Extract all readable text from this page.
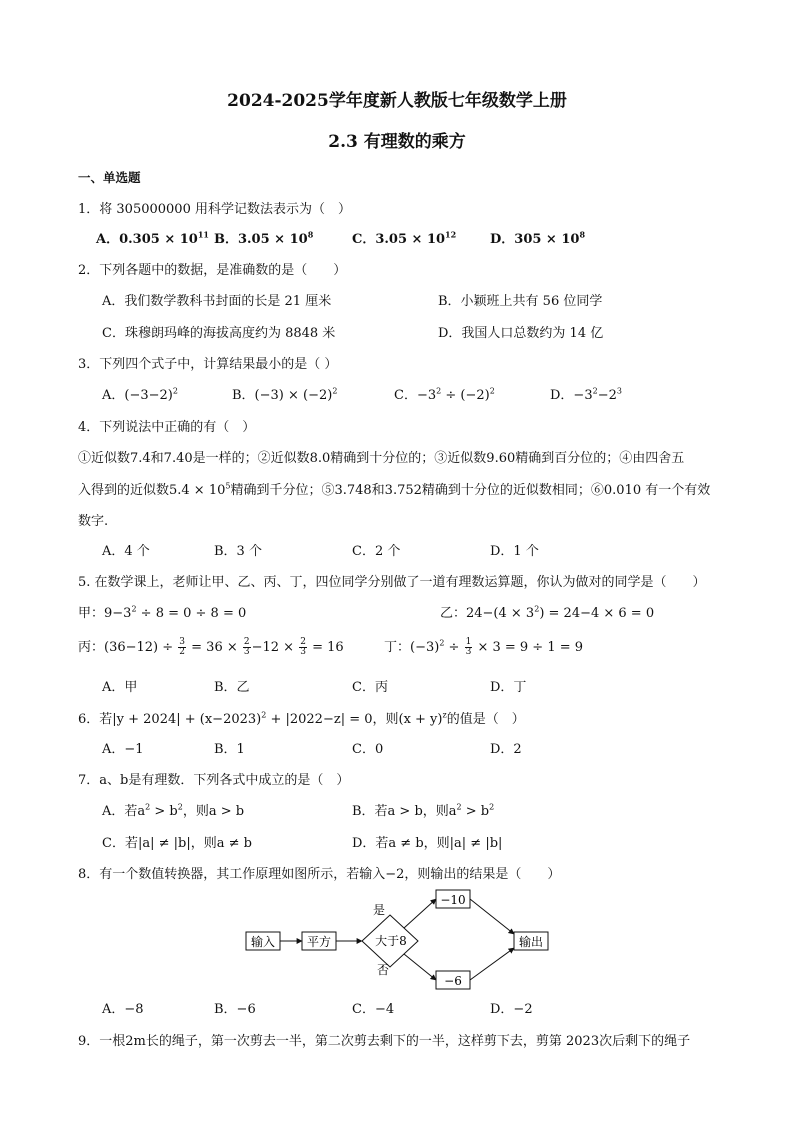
2024-2025学年度新人教版七年级数学上册
2.3 有理数的乘方
一、单选题
1．将 305000000 用科学记数法表示为（　）
A．$0.305 \times 10^{11}$ B．$3.05 \times 10^8$	C．$3.05 \times 10^{12}$	D．$305 \times 10^8$
2．下列各题中的数据，是准确数的是（　　）
A．我们数学教科书封面的长是 21 厘米	B．小颖班上共有 56 位同学
C．珠穆朗玛峰的海拔高度约为 8848 米	D．我国人口总数约为 14 亿
3．下列四个式子中，计算结果最小的是（ ）
A．$(-3-2)^2$	B．$(-3) \times (-2)^2$	C．$-3^2 \div (-2)^2$	D．$-3^2-2^3$
4．下列说法中正确的有（　）
①近似数7.4和7.40是一样的；②近似数8.0精确到十分位的；③近似数9.60精确到百分位的；④由四舍五
入得到的近似数$5.4 \times 10^5$精确到千分位；⑤3.748和3.752精确到十分位的近似数相同；⑥0.010 有一个有效
数字.
A．4 个	B．3 个	C．2 个	D．1 个
5. 在数学课上，老师让甲、乙、丙、丁，四位同学分别做了一道有理数运算题，你认为做对的同学是（　　）
甲：$9-3^2 \div 8 = 0 \div 8 = 0$	乙：$24-(4 \times 3^2) = 24-4 \times 6 = 0$
丙：$(36-12) \div \frac{3}{2} = 36 \times \frac{2}{3} -12 \times \frac{2}{3} = 16$	丁：$(-3)^2 \div \frac{1}{3} \times 3 = 9 \div 1 = 9$
A．甲	B．乙	C．丙	D．丁
6．若$|y + 2024| + (x-2023)^2 + |2022-z| = 0$，则$(x + y)^z$的值是（　）
A．−1	B．1	C．0	D．2
7．a、b是有理数．下列各式中成立的是（　）
A．若$a^2 > b^2$，则a > b	B．若a > b，则$a^2 > b^2$
C．若|a| ≠ |b|，则a ≠ b	D．若a ≠ b，则|a| ≠ |b|
8．有一个数值转换器，其工作原理如图所示，若输入−2，则输出的结果是（　　）
输入	平方	大于8
是
否
−10
−6
输出
A．−8	B．−6	C．−4	D．−2
9．一根2m长的绳子，第一次剪去一半，第二次剪去剩下的一半，这样剪下去，剪第 2023次后剩下的绳子
